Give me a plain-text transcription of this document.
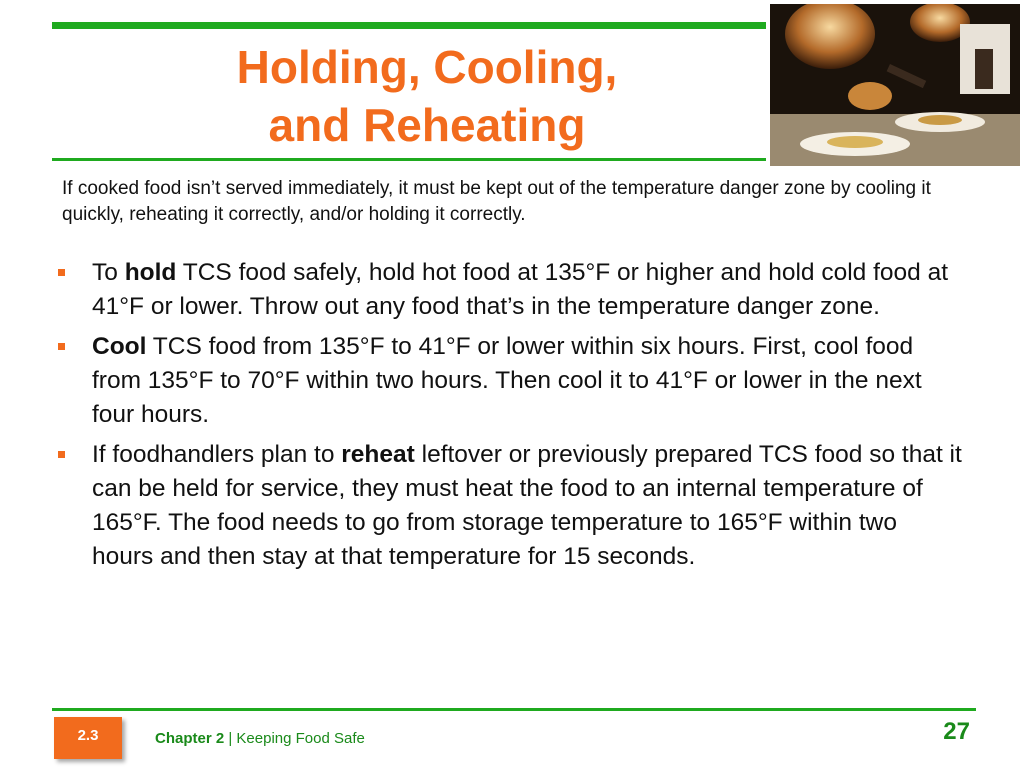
Holding, Cooling,
and Reheating
If cooked food isn’t served immediately, it must be kept out of the temperature danger zone by cooling it quickly, reheating it correctly, and/or holding it correctly.
To hold TCS food safely, hold hot food at 135°F or higher and hold cold food at 41°F or lower. Throw out any food that’s in the temperature danger zone.
Cool TCS food from 135°F to 41°F or lower within six hours. First, cool food from 135°F to 70°F within two hours. Then cool it to 41°F or lower in the next four hours.
If foodhandlers plan to reheat leftover or previously prepared TCS food so that it can be held for service, they must heat the food to an internal temperature of 165°F. The food needs to go from storage temperature to 165°F within two hours and then stay at that temperature for 15 seconds.
2.3	Chapter 2 | Keeping Food Safe	27
